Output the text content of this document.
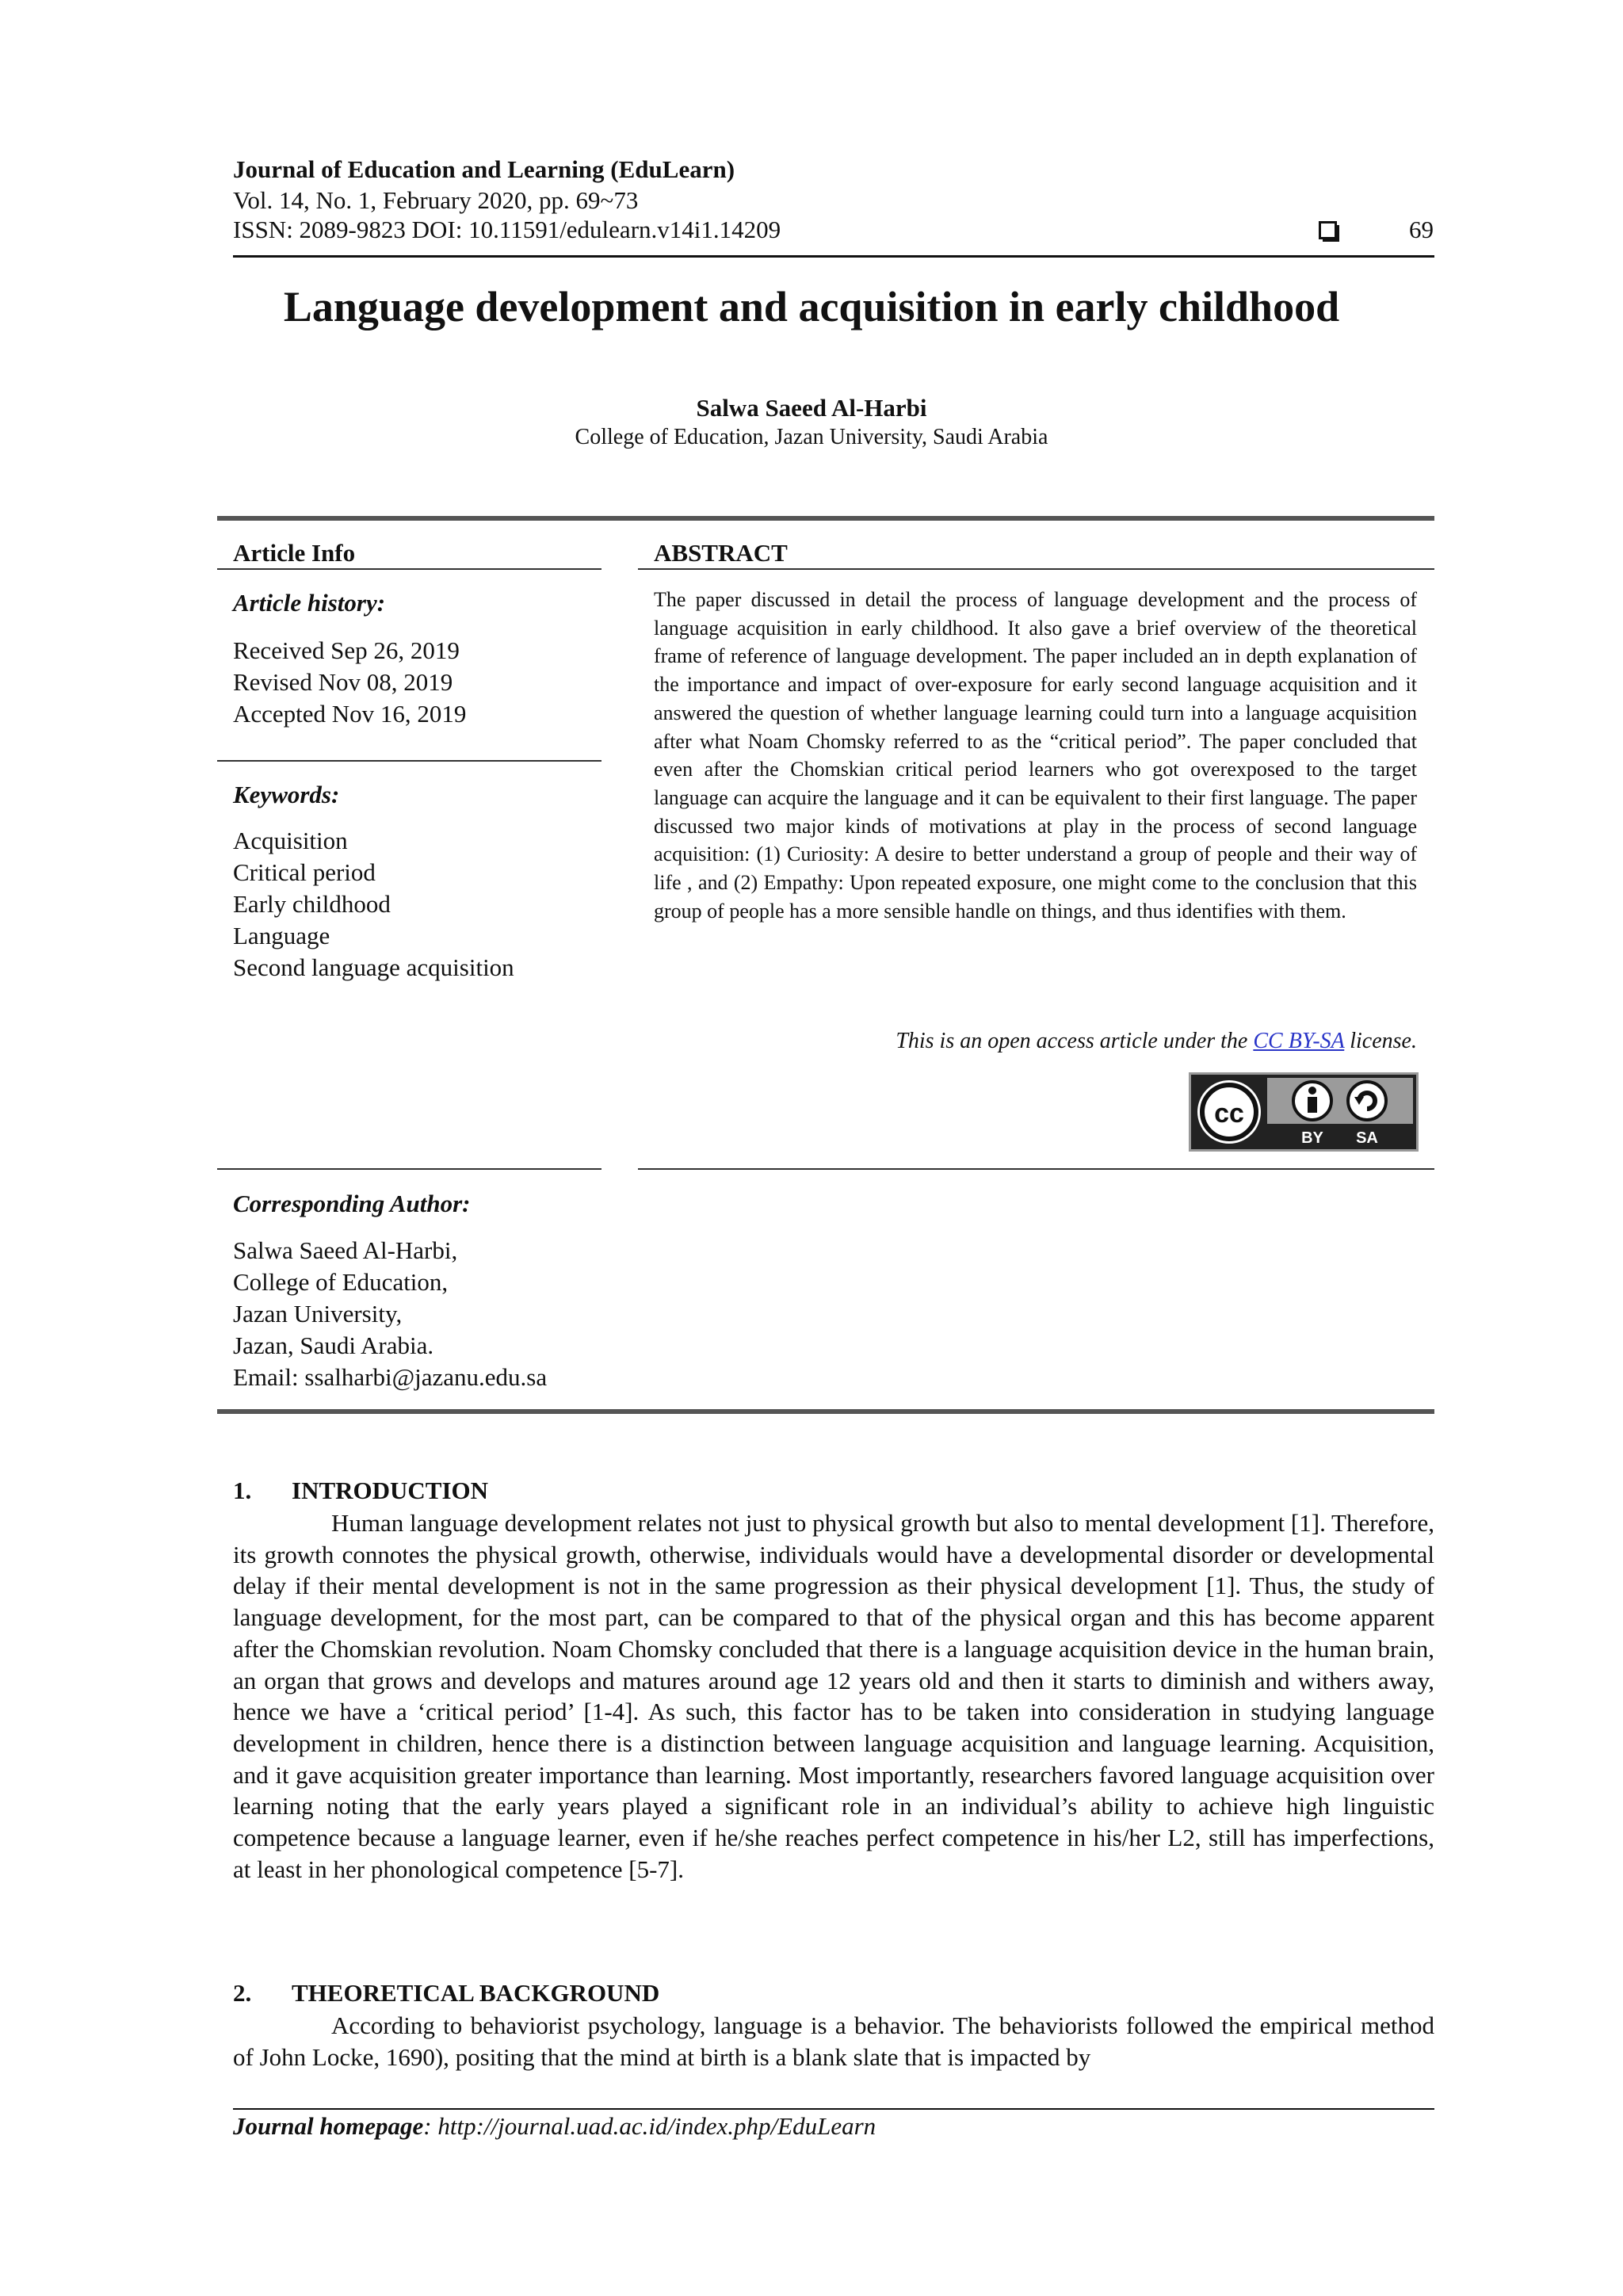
Journal of Education and Learning (EduLearn)
Vol. 14, No. 1, February 2020, pp. 69~73
ISSN: 2089-9823 DOI: 10.11591/edulearn.v14i1.14209	69
Language development and acquisition in early childhood
Salwa Saeed Al-Harbi
College of Education, Jazan University, Saudi Arabia
Article Info
Article history:
Received Sep 26, 2019
Revised Nov 08, 2019
Accepted Nov 16, 2019
Keywords:
Acquisition
Critical period
Early childhood
Language
Second language acquisition
Corresponding Author:
Salwa Saeed Al-Harbi,
College of Education,
Jazan University,
Jazan, Saudi Arabia.
Email: ssalharbi@jazanu.edu.sa
ABSTRACT
The paper discussed in detail the process of language development and the process of language acquisition in early childhood. It also gave a brief overview of the theoretical frame of reference of language development. The paper included an in depth explanation of the importance and impact of over-exposure for early second language acquisition and it answered the question of whether language learning could turn into a language acquisition after what Noam Chomsky referred to as the “critical period”. The paper concluded that even after the Chomskian critical period learners who got overexposed to the target language can acquire the language and it can be equivalent to their first language. The paper discussed two major kinds of motivations at play in the process of second language acquisition: (1) Curiosity: A desire to better understand a group of people and their way of life , and (2) Empathy: Upon repeated exposure, one might come to the conclusion that this group of people has a more sensible handle on things, and thus identifies with them.
This is an open access article under the CC BY-SA license.
cc
BY SA
1. INTRODUCTION
Human language development relates not just to physical growth but also to mental development [1]. Therefore, its growth connotes the physical growth, otherwise, individuals would have a developmental disorder or developmental delay if their mental development is not in the same progression as their physical development [1]. Thus, the study of language development, for the most part, can be compared to that of the physical organ and this has become apparent after the Chomskian revolution. Noam Chomsky concluded that there is a language acquisition device in the human brain, an organ that grows and develops and matures around age 12 years old and then it starts to diminish and withers away, hence we have a ‘critical period’ [1-4]. As such, this factor has to be taken into consideration in studying language development in children, hence there is a distinction between language acquisition and language learning. Acquisition, and it gave acquisition greater importance than learning. Most importantly, researchers favored language acquisition over learning noting that the early years played a significant role in an individual’s ability to achieve high linguistic competence because a language learner, even if he/she reaches perfect competence in his/her L2, still has imperfections, at least in her phonological competence [5-7].
2. THEORETICAL BACKGROUND
According to behaviorist psychology, language is a behavior. The behaviorists followed the empirical method of John Locke, 1690), positing that the mind at birth is a blank slate that is impacted by
Journal homepage: http://journal.uad.ac.id/index.php/EduLearn
